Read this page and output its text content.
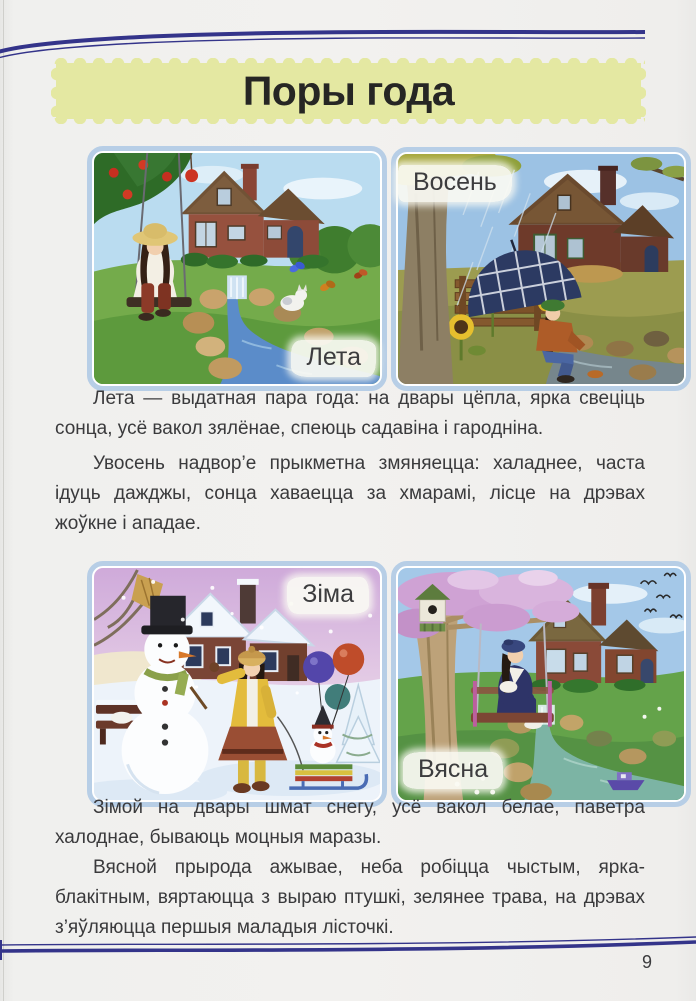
Поры года
Лета
Восень

Лета — выдатная пара года: на двары цёпла, ярка свеціць сонца, усё вакол зялёнае, спеюць садавіна і гародніна.

Увосень надвор’е прыкметна змяняецца: халаднее, часта ідуць дажджы, сонца хаваецца за хмарамі, лісце на дрэвах жоўкне і ападае.

Зіма
Вясна

Зімой на двары шмат снегу, усё вакол белае, паветра халоднае, бываюць моцныя маразы.

Вясной прырода ажывае, неба робіцца чыстым, ярка-блакітным, вяртаюцца з выраю птушкі, зелянее трава, на дрэвах з’яўляюцца першыя маладыя лісточкі.

9
